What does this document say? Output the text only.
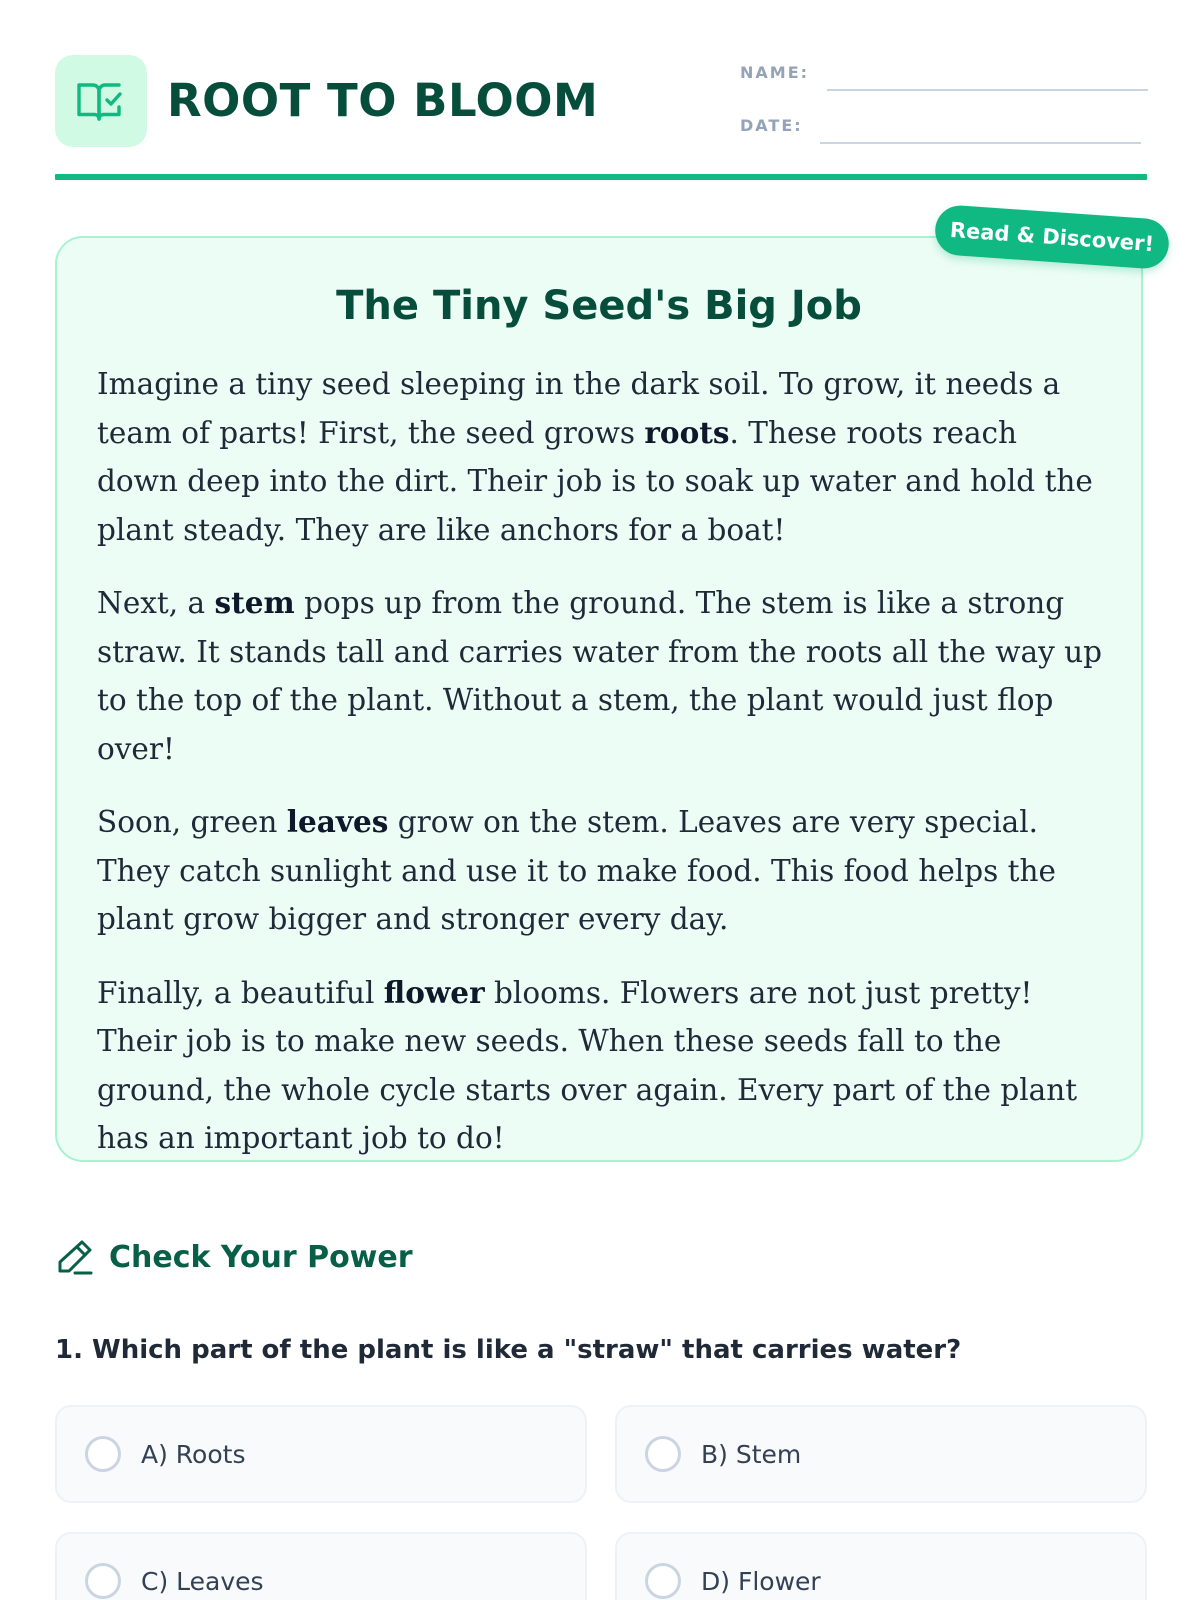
ROOT TO BLOOM
NAME:
DATE:
The Tiny Seed's Big Job

Imagine a tiny seed sleeping in the dark soil. To grow, it needs a team of parts! First, the seed grows roots. These roots reach down deep into the dirt. Their job is to soak up water and hold the plant steady. They are like anchors for a boat!

Next, a stem pops up from the ground. The stem is like a strong straw. It stands tall and carries water from the roots all the way up to the top of the plant. Without a stem, the plant would just flop over!

Soon, green leaves grow on the stem. Leaves are very special. They catch sunlight and use it to make food. This food helps the plant grow bigger and stronger every day.

Finally, a beautiful flower blooms. Flowers are not just pretty! Their job is to make new seeds. When these seeds fall to the ground, the whole cycle starts over again. Every part of the plant has an important job to do!

Read & Discover!
Check Your Power
1. Which part of the plant is like a "straw" that carries water?
A) Roots	B) Stem
C) Leaves	D) Flower
